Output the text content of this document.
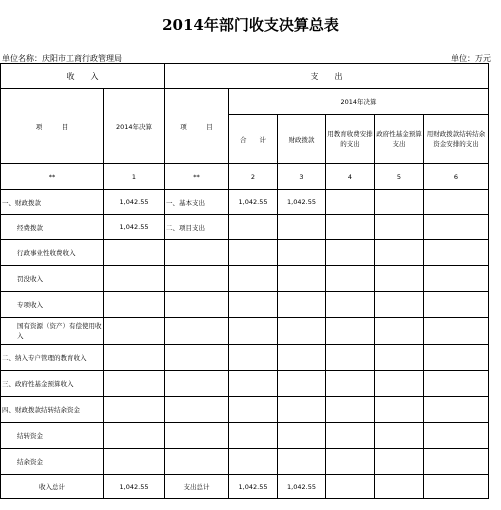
2014年部门收支决算总表
单位名称：庆阳市工商行政管理局	单位：万元
收　　入		支　　出					
项　　　目	2014年决算	项　　　目	2014年决算				
			合　　计	财政拨款	用教育收费安排的支出	政府性基金预算支出	用财政拨款结转结余资金安排的支出
**	1	**	2	3	4	5	6
一、财政拨款	1,042.55	一、基本支出	1,042.55	1,042.55			
经费拨款	1,042.55	二、项目支出					
行政事业性收费收入							
罚没收入							
专项收入							
国有资源（资产）有偿使用收入							
二、纳入专户管理的教育收入							
三、政府性基金预算收入							
四、财政拨款结转结余资金							
结转资金							
结余资金							
收入总计	1,042.55	支出总计	1,042.55	1,042.55			
